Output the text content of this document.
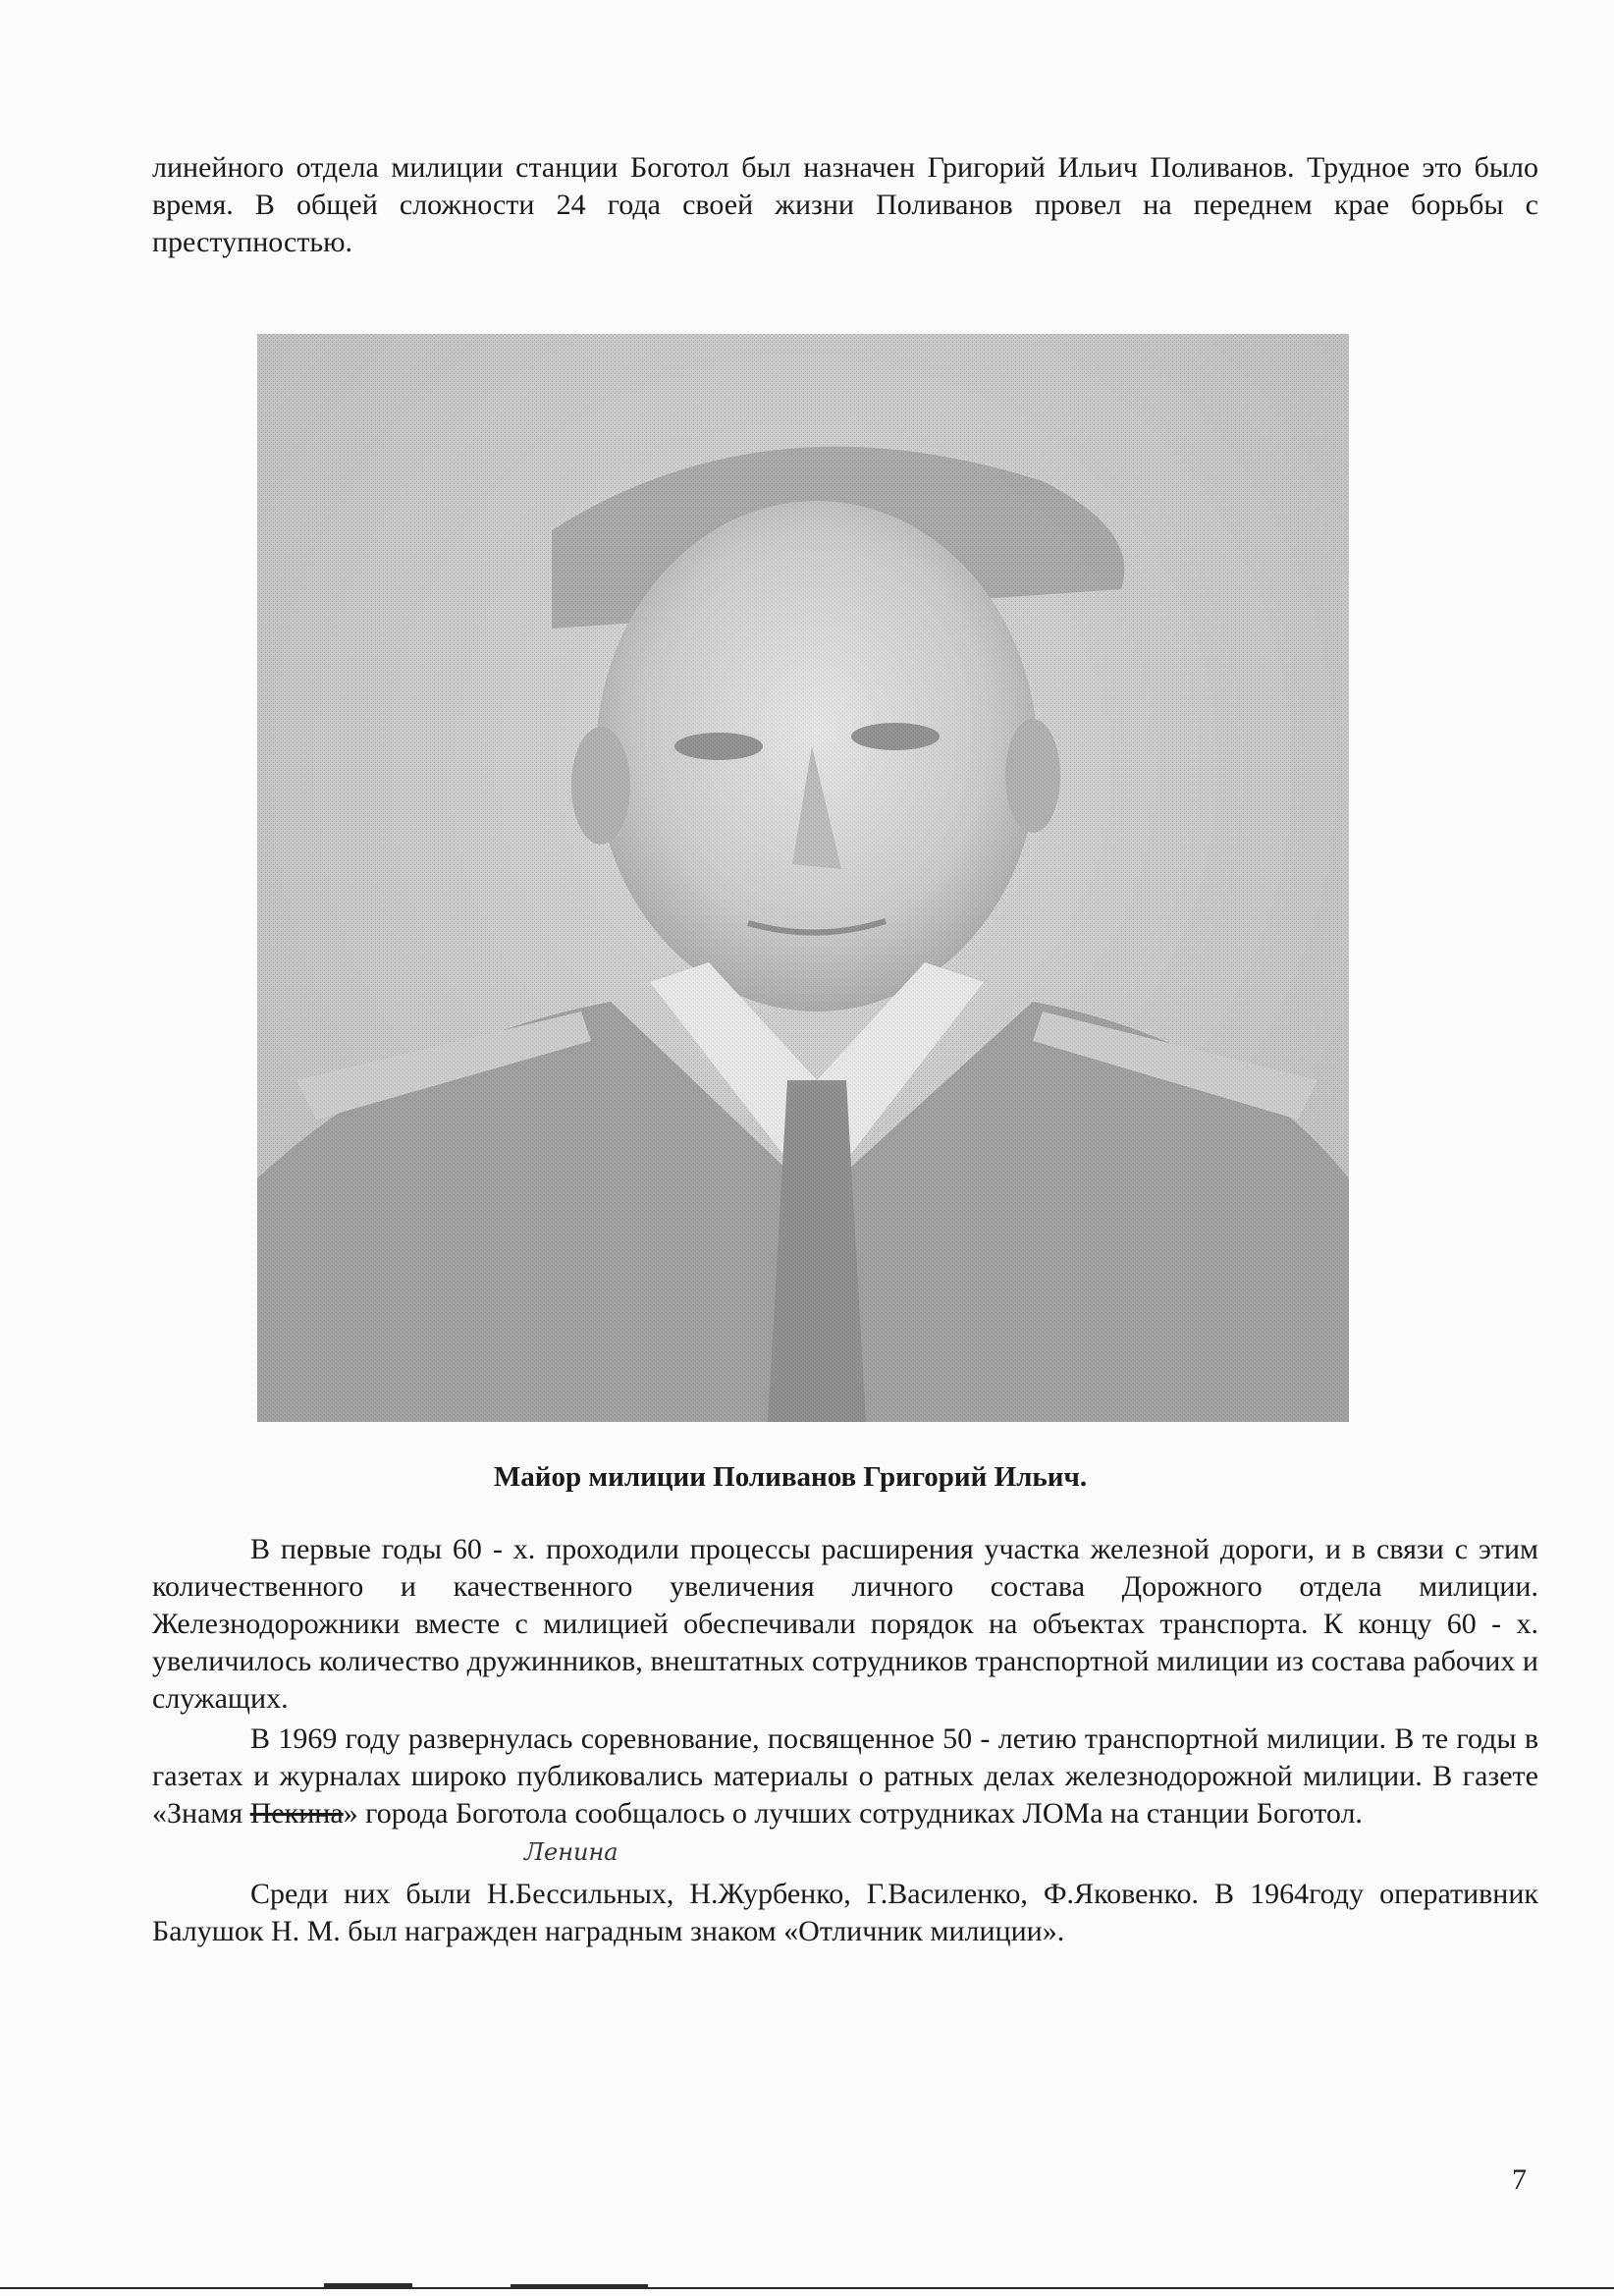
линейного отдела милиции станции Боготол был назначен Григорий Ильич Поливанов. Трудное это было время. В общей сложности 24 года своей жизни Поливанов провел на переднем крае борьбы с преступностью.

Майор милиции Поливанов Григорий Ильич.

В первые годы 60 - х. проходили процессы расширения участка железной дороги, и в связи с этим количественного и качественного увеличения личного состава Дорожного отдела милиции. Железнодорожники вместе с милицией обеспечивали порядок на объектах транспорта. К концу 60 - х. увеличилось количество дружинников, внештатных сотрудников транспортной милиции из состава рабочих и служащих.

В 1969 году развернулась соревнование, посвященное 50 - летию транспортной милиции. В те годы в газетах и журналах широко публиковались материалы о ратных делах железнодорожной милиции. В газете «Знамя Пекина» города Боготола сообщалось о лучших сотрудниках ЛОМа на станции Боготол.

Ленина

Среди них были Н.Бессильных, Н.Журбенко, Г.Василенко, Ф.Яковенко. В 1964году оперативник Балушок Н. М. был награжден наградным знаком «Отличник милиции».

7
